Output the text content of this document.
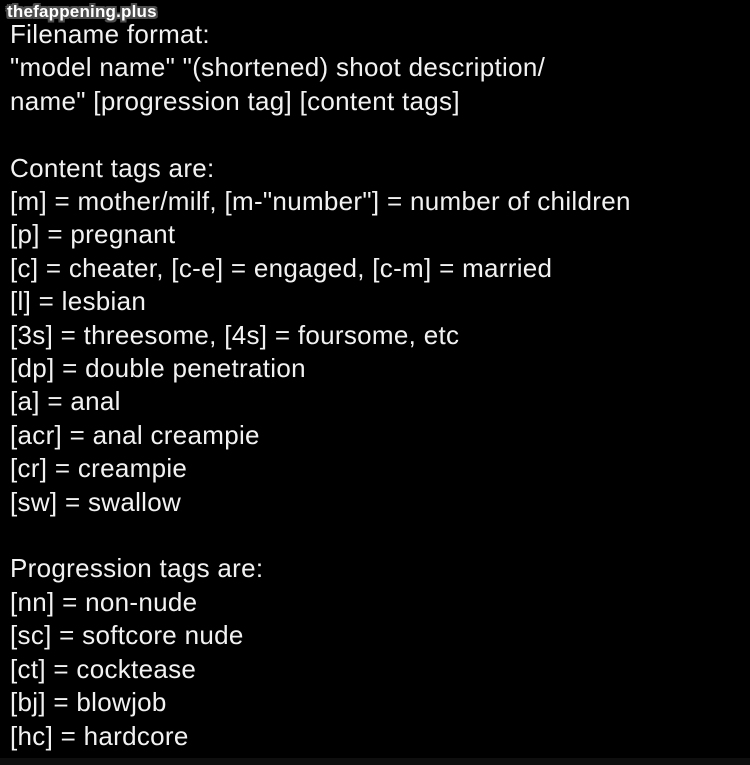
thefappening.plus
Filename format:
"model name" "(shortened) shoot description/
name" [progression tag] [content tags]
Content tags are:
[m] = mother/milf, [m-"number"] = number of children
[p] = pregnant
[c] = cheater, [c-e] = engaged, [c-m] = married
[l] = lesbian
[3s] = threesome, [4s] = foursome, etc
[dp] = double penetration
[a] = anal
[acr] = anal creampie
[cr] = creampie
[sw] = swallow
Progression tags are:
[nn] = non-nude
[sc] = softcore nude
[ct] = cocktease
[bj] = blowjob
[hc] = hardcore
